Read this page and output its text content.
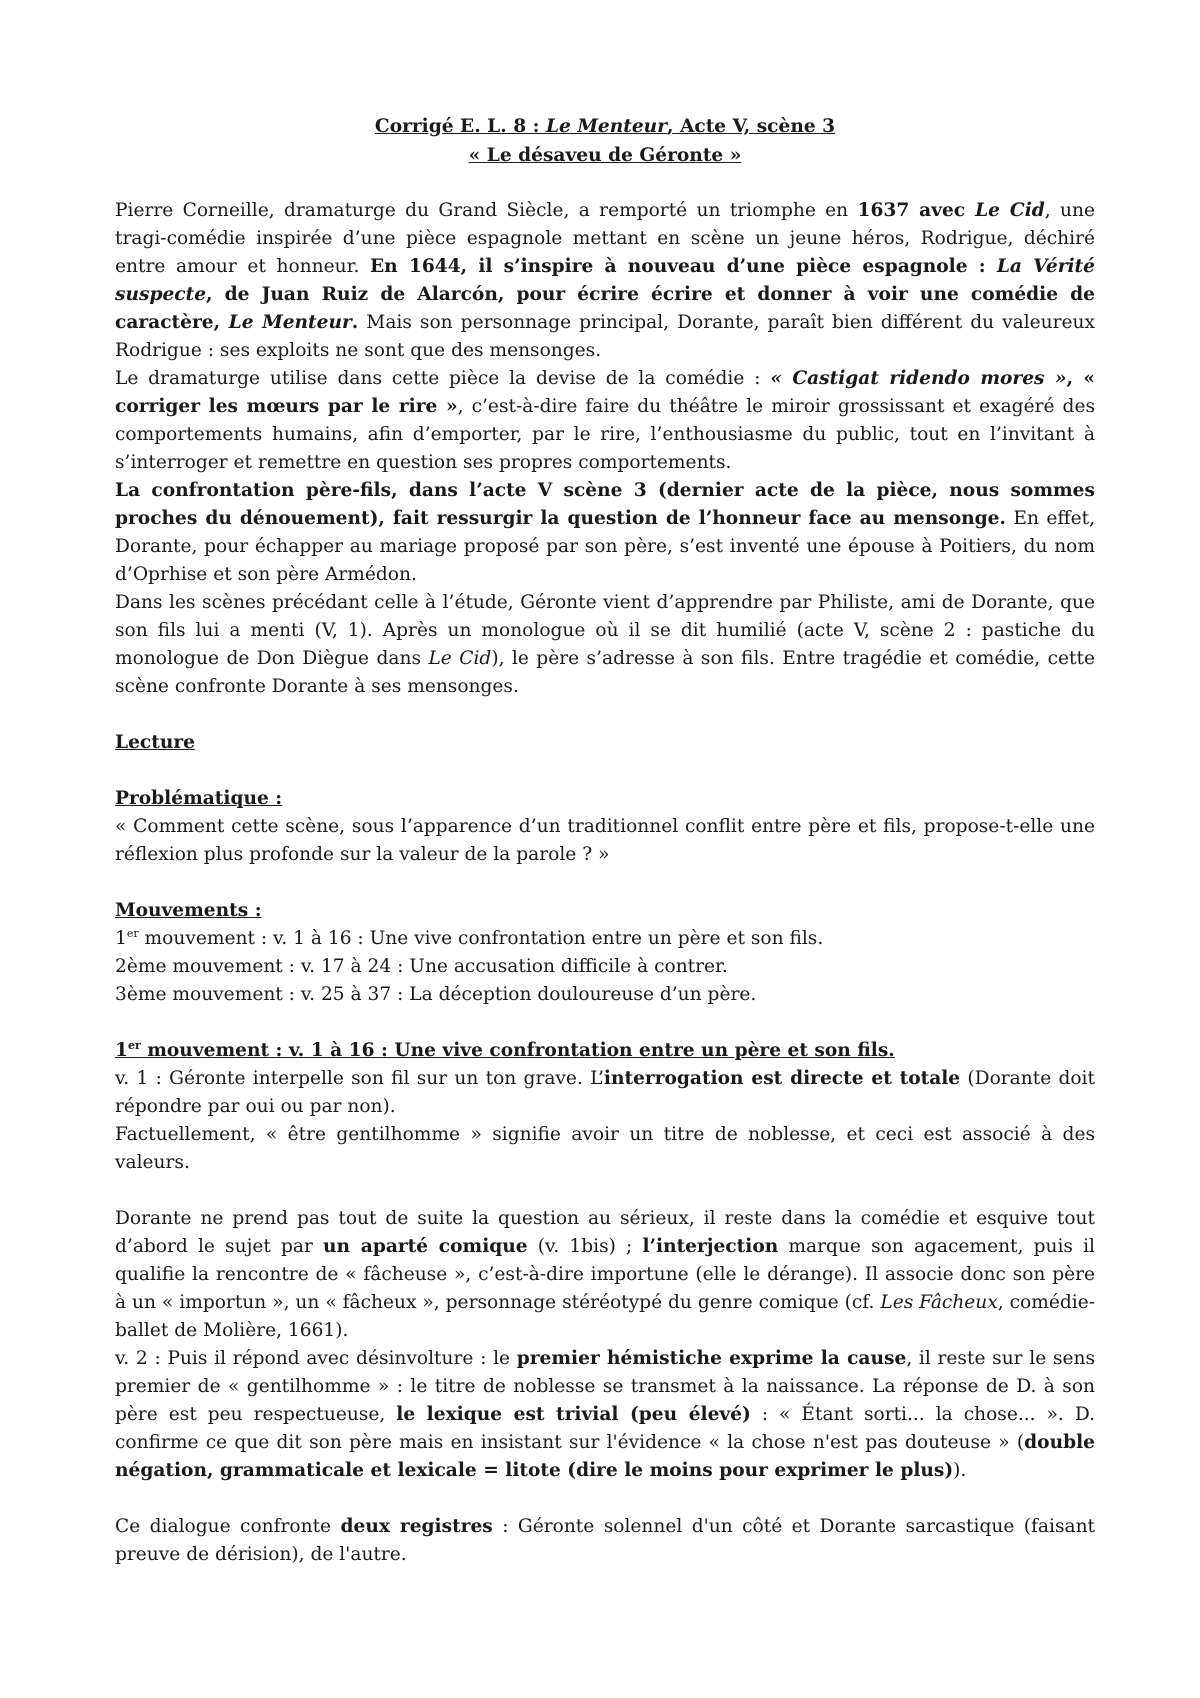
Corrigé E. L. 8 : Le Menteur, Acte V, scène 3
« Le désaveu de Géronte »

Pierre Corneille, dramaturge du Grand Siècle, a remporté un triomphe en 1637 avec Le Cid, une tragi-comédie inspirée d’une pièce espagnole mettant en scène un jeune héros, Rodrigue, déchiré entre amour et honneur. En 1644, il s’inspire à nouveau d’une pièce espagnole : La Vérité suspecte, de Juan Ruiz de Alarcón, pour écrire écrire et donner à voir une comédie de caractère, Le Menteur. Mais son personnage principal, Dorante, paraît bien différent du valeureux Rodrigue : ses exploits ne sont que des mensonges.

Le dramaturge utilise dans cette pièce la devise de la comédie : « Castigat ridendo mores », « corriger les mœurs par le rire », c’est-à-dire faire du théâtre le miroir grossissant et exagéré des comportements humains, afin d’emporter, par le rire, l’enthousiasme du public, tout en l’invitant à s’interroger et remettre en question ses propres comportements.

La confrontation père-fils, dans l’acte V scène 3 (dernier acte de la pièce, nous sommes proches du dénouement), fait ressurgir la question de l’honneur face au mensonge. En effet, Dorante, pour échapper au mariage proposé par son père, s’est inventé une épouse à Poitiers, du nom d’Oprhise et son père Armédon.

Dans les scènes précédant celle à l’étude, Géronte vient d’apprendre par Philiste, ami de Dorante, que son fils lui a menti (V, 1). Après un monologue où il se dit humilié (acte V, scène 2 : pastiche du monologue de Don Diègue dans Le Cid), le père s’adresse à son fils. Entre tragédie et comédie, cette scène confronte Dorante à ses mensonges.

Lecture

Problématique :

« Comment cette scène, sous l’apparence d’un traditionnel conflit entre père et fils, propose-t-elle une réflexion plus profonde sur la valeur de la parole ? »

Mouvements :

1er mouvement : v. 1 à 16 : Une vive confrontation entre un père et son fils.

2ème mouvement : v. 17 à 24 : Une accusation difficile à contrer.

3ème mouvement : v. 25 à 37 : La déception douloureuse d’un père.

1er mouvement : v. 1 à 16 : Une vive confrontation entre un père et son fils.

v. 1 : Géronte interpelle son fil sur un ton grave. L’interrogation est directe et totale (Dorante doit répondre par oui ou par non).

Factuellement, « être gentilhomme » signifie avoir un titre de noblesse, et ceci est associé à des valeurs.

Dorante ne prend pas tout de suite la question au sérieux, il reste dans la comédie et esquive tout d’abord le sujet par un aparté comique (v. 1bis) ; l’interjection marque son agacement, puis il qualifie la rencontre de « fâcheuse », c’est-à-dire importune (elle le dérange). Il associe donc son père à un « importun », un « fâcheux », personnage stéréotypé du genre comique (cf. Les Fâcheux, comédie-ballet de Molière, 1661).

v. 2 : Puis il répond avec désinvolture : le premier hémistiche exprime la cause, il reste sur le sens premier de « gentilhomme » : le titre de noblesse se transmet à la naissance. La réponse de D. à son père est peu respectueuse, le lexique est trivial (peu élevé) : « Étant sorti... la chose... ». D. confirme ce que dit son père mais en insistant sur l'évidence « la chose n'est pas douteuse » (double négation, grammaticale et lexicale = litote (dire le moins pour exprimer le plus)).

Ce dialogue confronte deux registres : Géronte solennel d'un côté et Dorante sarcastique (faisant preuve de dérision), de l'autre.
